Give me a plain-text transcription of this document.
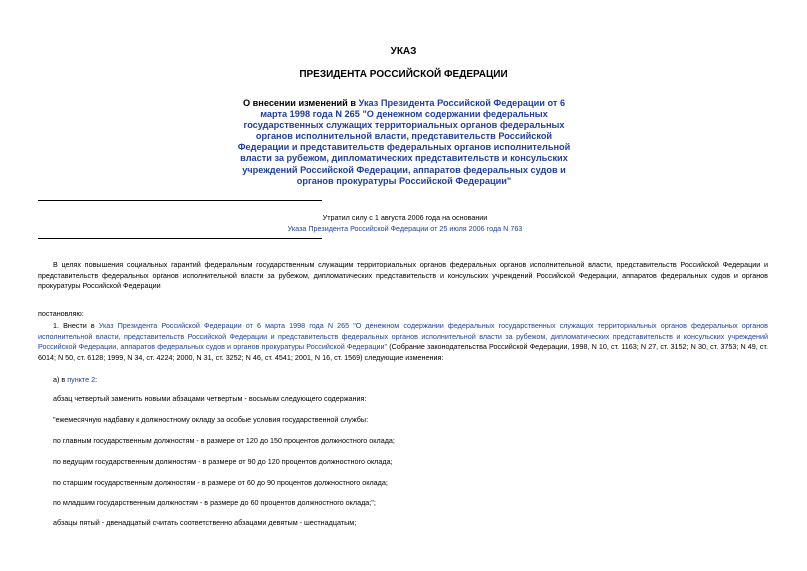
УКАЗ
ПРЕЗИДЕНТА РОССИЙСКОЙ ФЕДЕРАЦИИ
О внесении изменений в Указ Президента Российской Федерации от 6 марта 1998 года N 265 "О денежном содержании федеральных государственных служащих территориальных органов федеральных органов исполнительной власти, представительств Российской Федерации и представительств федеральных органов исполнительной власти за рубежом, дипломатических представительств и консульских учреждений Российской Федерации, аппаратов федеральных судов и органов прокуратуры Российской Федерации"
Утратил силу с 1 августа 2006 года на основании
Указа Президента Российской Федерации от 25 июля 2006 года N 763
В целях повышения социальных гарантий федеральным государственным служащим территориальных органов федеральных органов исполнительной власти, представительств Российской Федерации и представительств федеральных органов исполнительной власти за рубежом, дипломатических представительств и консульских учреждений Российской Федерации, аппаратов федеральных судов и органов прокуратуры Российской Федерации
постановляю:
1. Внести в Указ Президента Российской Федерации от 6 марта 1998 года N 265 "О денежном содержании федеральных государственных служащих территориальных органов федеральных органов исполнительной власти, представительств Российской Федерации и представительств федеральных органов исполнительной власти за рубежом, дипломатических представительств и консульских учреждений Российской Федерации, аппаратов федеральных судов и органов прокуратуры Российской Федерации" (Собрание законодательства Российской Федерации, 1998, N 10, ст. 1163; N 27, ст. 3152; N 30, ст. 3753; N 49, ст. 6014; N 50, ст. 6128; 1999, N 34, ст. 4224; 2000, N 31, ст. 3252; N 46, ст. 4541; 2001, N 16, ст. 1569) следующие изменения:
а) в пункте 2:
абзац четвертый заменить новыми абзацами четвертым - восьмым следующего содержания:
"ежемесячную надбавку к должностному окладу за особые условия государственной службы:
по главным государственным должностям - в размере от 120 до 150 процентов должностного оклада;
по ведущим государственным должностям - в размере от 90 до 120 процентов должностного оклада;
по старшим государственным должностям - в размере от 60 до 90 процентов должностного оклада;
по младшим государственным должностям - в размере до 60 процентов должностного оклада;";
абзацы пятый - двенадцатый считать соответственно абзацами девятым - шестнадцатым;
